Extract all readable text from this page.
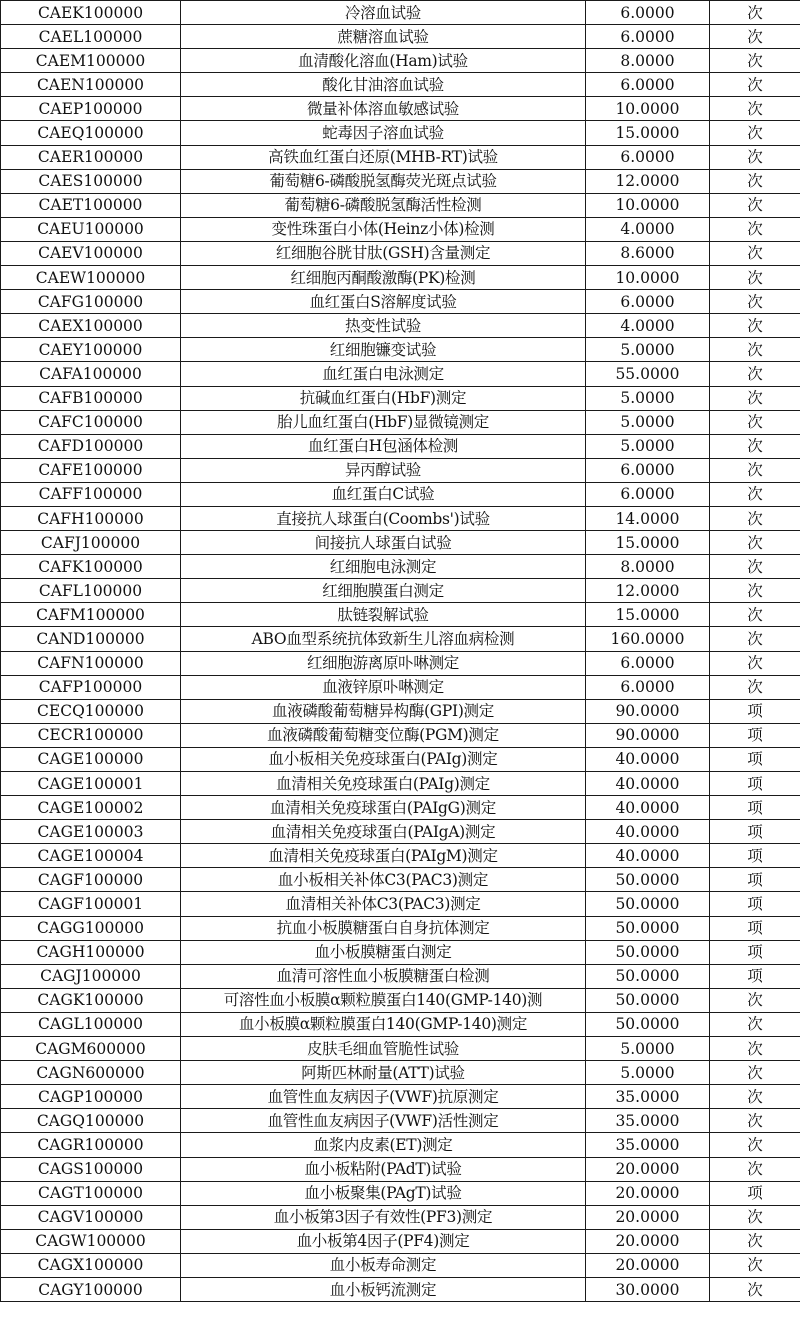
CAEK100000	冷溶血试验	6.0000	次
CAEL100000	蔗糖溶血试验	6.0000	次
CAEM100000	血清酸化溶血(Ham)试验	8.0000	次
CAEN100000	酸化甘油溶血试验	6.0000	次
CAEP100000	微量补体溶血敏感试验	10.0000	次
CAEQ100000	蛇毒因子溶血试验	15.0000	次
CAER100000	高铁血红蛋白还原(MHB-RT)试验	6.0000	次
CAES100000	葡萄糖6-磷酸脱氢酶荧光斑点试验	12.0000	次
CAET100000	葡萄糖6-磷酸脱氢酶活性检测	10.0000	次
CAEU100000	变性珠蛋白小体(Heinz小体)检测	4.0000	次
CAEV100000	红细胞谷胱甘肽(GSH)含量测定	8.6000	次
CAEW100000	红细胞丙酮酸激酶(PK)检测	10.0000	次
CAFG100000	血红蛋白S溶解度试验	6.0000	次
CAEX100000	热变性试验	4.0000	次
CAEY100000	红细胞镰变试验	5.0000	次
CAFA100000	血红蛋白电泳测定	55.0000	次
CAFB100000	抗碱血红蛋白(HbF)测定	5.0000	次
CAFC100000	胎儿血红蛋白(HbF)显微镜测定	5.0000	次
CAFD100000	血红蛋白H包涵体检测	5.0000	次
CAFE100000	异丙醇试验	6.0000	次
CAFF100000	血红蛋白C试验	6.0000	次
CAFH100000	直接抗人球蛋白(Coombs')试验	14.0000	次
CAFJ100000	间接抗人球蛋白试验	15.0000	次
CAFK100000	红细胞电泳测定	8.0000	次
CAFL100000	红细胞膜蛋白测定	12.0000	次
CAFM100000	肽链裂解试验	15.0000	次
CAND100000	ABO血型系统抗体致新生儿溶血病检测	160.0000	次
CAFN100000	红细胞游离原卟啉测定	6.0000	次
CAFP100000	血液锌原卟啉测定	6.0000	次
CECQ100000	血液磷酸葡萄糖异构酶(GPI)测定	90.0000	项
CECR100000	血液磷酸葡萄糖变位酶(PGM)测定	90.0000	项
CAGE100000	血小板相关免疫球蛋白(PAIg)测定	40.0000	项
CAGE100001	血清相关免疫球蛋白(PAIg)测定	40.0000	项
CAGE100002	血清相关免疫球蛋白(PAIgG)测定	40.0000	项
CAGE100003	血清相关免疫球蛋白(PAIgA)测定	40.0000	项
CAGE100004	血清相关免疫球蛋白(PAIgM)测定	40.0000	项
CAGF100000	血小板相关补体C3(PAC3)测定	50.0000	项
CAGF100001	血清相关补体C3(PAC3)测定	50.0000	项
CAGG100000	抗血小板膜糖蛋白自身抗体测定	50.0000	项
CAGH100000	血小板膜糖蛋白测定	50.0000	项
CAGJ100000	血清可溶性血小板膜糖蛋白检测	50.0000	项
CAGK100000	可溶性血小板膜α颗粒膜蛋白140(GMP-140)测	50.0000	次
CAGL100000	血小板膜α颗粒膜蛋白140(GMP-140)测定	50.0000	次
CAGM600000	皮肤毛细血管脆性试验	5.0000	次
CAGN600000	阿斯匹林耐量(ATT)试验	5.0000	次
CAGP100000	血管性血友病因子(VWF)抗原测定	35.0000	次
CAGQ100000	血管性血友病因子(VWF)活性测定	35.0000	次
CAGR100000	血浆内皮素(ET)测定	35.0000	次
CAGS100000	血小板粘附(PAdT)试验	20.0000	次
CAGT100000	血小板聚集(PAgT)试验	20.0000	项
CAGV100000	血小板第3因子有效性(PF3)测定	20.0000	次
CAGW100000	血小板第4因子(PF4)测定	20.0000	次
CAGX100000	血小板寿命测定	20.0000	次
CAGY100000	血小板钙流测定	30.0000	次
